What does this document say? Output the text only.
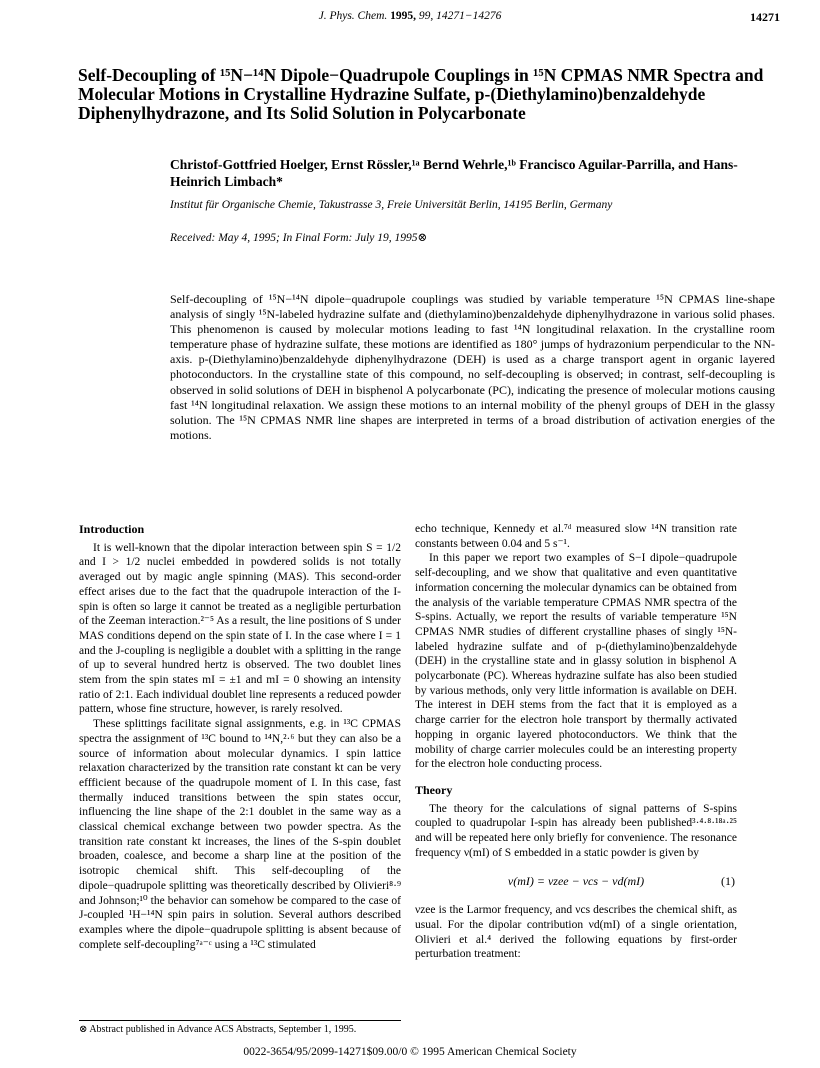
J. Phys. Chem. 1995, 99, 14271−14276	14271
Self-Decoupling of ¹⁵N−¹⁴N Dipole−Quadrupole Couplings in ¹⁵N CPMAS NMR Spectra and Molecular Motions in Crystalline Hydrazine Sulfate, p-(Diethylamino)benzaldehyde Diphenylhydrazone, and Its Solid Solution in Polycarbonate
Christof-Gottfried Hoelger, Ernst Rössler,¹ᵃ Bernd Wehrle,¹ᵇ Francisco Aguilar-Parrilla, and Hans-Heinrich Limbach*
Institut für Organische Chemie, Takustrasse 3, Freie Universität Berlin, 14195 Berlin, Germany
Received: May 4, 1995; In Final Form: July 19, 1995⊗
Self-decoupling of ¹⁵N−¹⁴N dipole−quadrupole couplings was studied by variable temperature ¹⁵N CPMAS line-shape analysis of singly ¹⁵N-labeled hydrazine sulfate and (diethylamino)benzaldehyde diphenylhydrazone in various solid phases. This phenomenon is caused by molecular motions leading to fast ¹⁴N longitudinal relaxation. In the crystalline room temperature phase of hydrazine sulfate, these motions are identified as 180° jumps of hydrazonium perpendicular to the NN-axis. p-(Diethylamino)benzaldehyde diphenylhydrazone (DEH) is used as a charge transport agent in organic layered photoconductors. In the crystalline state of this compound, no self-decoupling is observed; in contrast, self-decoupling is observed in solid solutions of DEH in bisphenol A polycarbonate (PC), indicating the presence of molecular motions causing fast ¹⁴N longitudinal relaxation. We assign these motions to an internal mobility of the phenyl groups of DEH in the glassy solution. The ¹⁵N CPMAS NMR line shapes are interpreted in terms of a broad distribution of activation energies of the motions.
Introduction

It is well-known that the dipolar interaction between spin S = 1/2 and I > 1/2 nuclei embedded in powdered solids is not totally averaged out by magic angle spinning (MAS). This second-order effect arises due to the fact that the quadrupole interaction of the I-spin is often so large it cannot be treated as a negligible perturbation of the Zeeman interaction.²⁻⁵ As a result, the line positions of S under MAS conditions depend on the spin state of I. In the case where I = 1 and the J-coupling is negligible a doublet with a splitting in the range of up to several hundred hertz is observed. The two doublet lines stem from the spin states mI = ±1 and mI = 0 showing an intensity ratio of 2:1. Each individual doublet line represents a reduced powder pattern, whose fine structure, however, is rarely resolved.

These splittings facilitate signal assignments, e.g. in ¹³C CPMAS spectra the assignment of ¹³C bound to ¹⁴N,²·⁶ but they can also be a source of information about molecular dynamics. I spin lattice relaxation characterized by the transition rate constant kt can be very effficient because of the quadrupole moment of I. In this case, fast thermally induced transitions between the spin states occur, influencing the line shape of the 2:1 doublet in the same way as a classical chemical exchange between two powder spectra. As the transition rate constant kt increases, the lines of the S-spin doublet broaden, coalesce, and become a sharp line at the position of the isotropic chemical shift. This self-decoupling of the dipole−quadrupole splitting was theoretically described by Olivieri⁸·⁹ and Johnson;¹⁰ the behavior can somehow be compared to the case of J-coupled ¹H−¹⁴N spin pairs in solution. Several authors described examples where the dipole−quadrupole splitting is absent because of complete self-decoupling⁷ᵃ⁻ᶜ using a ¹³C stimulated

echo technique, Kennedy et al.⁷ᵈ measured slow ¹⁴N transition rate constants between 0.04 and 5 s⁻¹.

In this paper we report two examples of S−I dipole−quadrupole self-decoupling, and we show that qualitative and even quantitative information concerning the molecular dynamics can be obtained from the analysis of the variable temperature CPMAS NMR spectra of the S-spins. Actually, we report the results of variable temperature ¹⁵N CPMAS NMR studies of different crystalline phases of singly ¹⁵N-labeled hydrazine sulfate and of p-(diethylamino)benzaldehyde (DEH) in the crystalline state and in glassy solution in bisphenol A polycarbonate (PC). Whereas hydrazine sulfate has also been studied by various methods, only very little information is available on DEH. The interest in DEH stems from the fact that it is employed as a charge carrier for the electron hole transport by thermally activated hopping in organic layered photoconductors. We think that the mobility of charge carrier molecules could be an interesting property for the electron hole conducting process.

Theory

The theory for the calculations of signal patterns of S-spins coupled to quadrupolar I-spin has already been published³·⁴·⁸·¹⁸ᵃ·²⁵ and will be repeated here only briefly for convenience. The resonance frequency ν(mI) of S embedded in a static powder is given by

ν(mI) = νzee − νcs − νd(mI)	(1)

νzee is the Larmor frequency, and νcs describes the chemical shift, as usual. For the dipolar contribution νd(mI) of a single orientation, Olivieri et al.⁴ derived the following equations by first-order perturbation treatment:

⊗ Abstract published in Advance ACS Abstracts, September 1, 1995.
0022-3654/95/2099-14271$09.00/0 © 1995 American Chemical Society
